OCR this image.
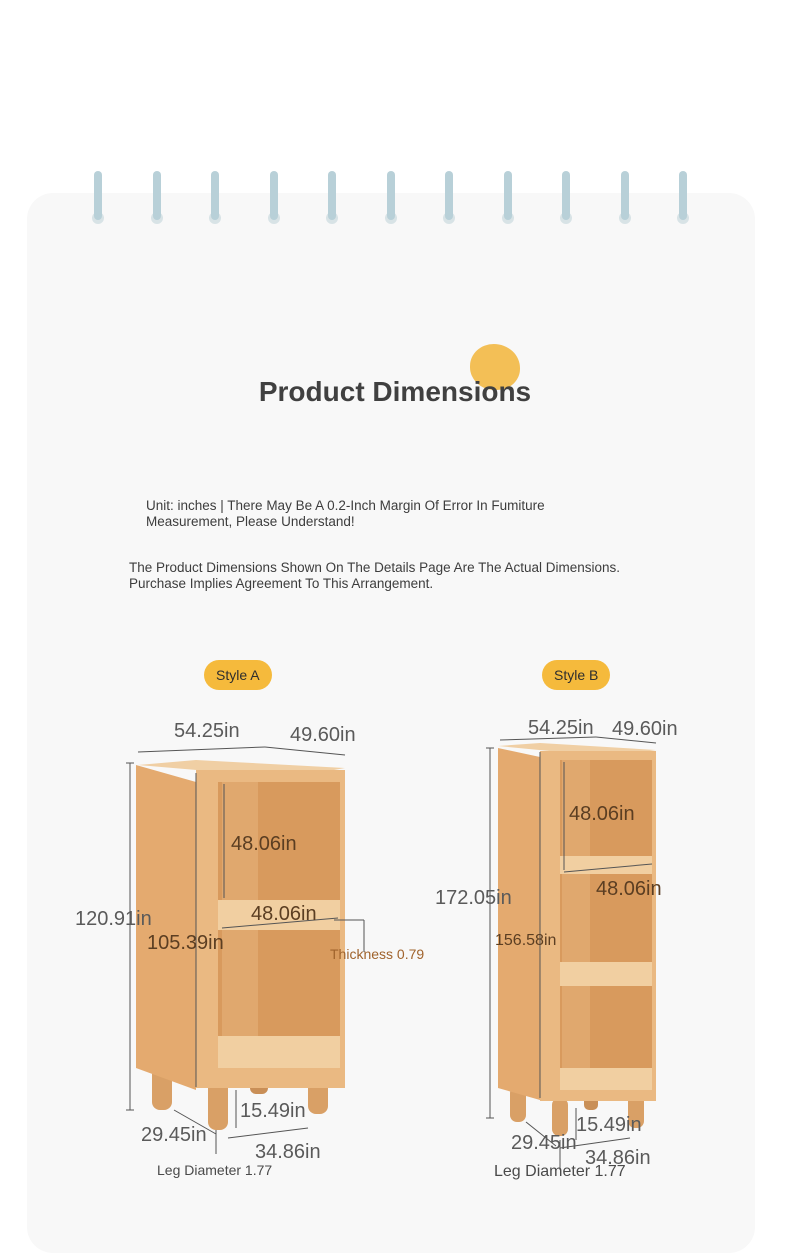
Product Dimensions
Unit: inches | There May Be A 0.2-Inch Margin Of Error In Fumiture Measurement, Please Understand!
The Product Dimensions Shown On The Details Page Are The Actual Dimensions. Purchase Implies Agreement To This Arrangement.
Style A	Style B
54.25in	49.60in
120.91in
105.39in
48.06in
48.06in
Thickness 0.79
15.49in
29.45in
34.86in
Leg Diameter 1.77
54.25in 49.60in
172.05in
156.58in
48.06in
48.06in
15.49in
29.45in
34.86in
Leg Diameter 1.77
